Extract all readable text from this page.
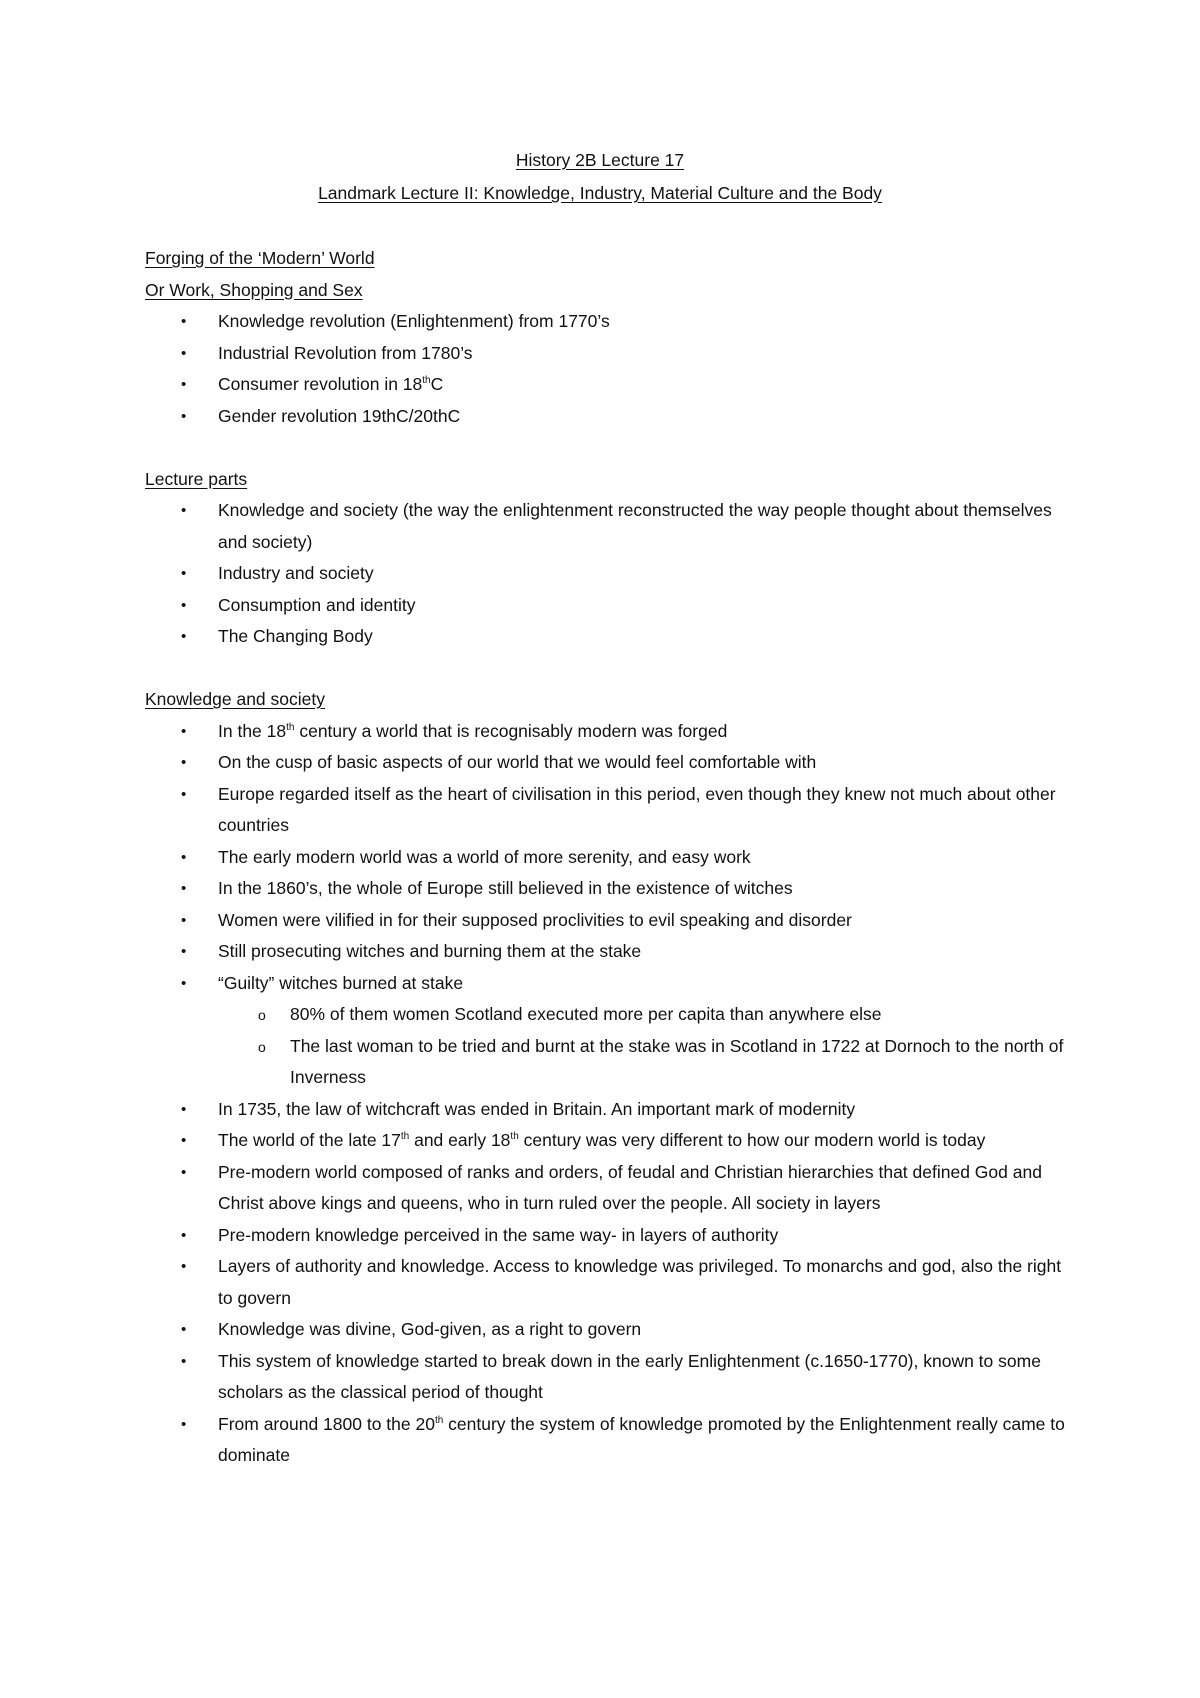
History 2B Lecture 17
Landmark Lecture II: Knowledge, Industry, Material Culture and the Body
Forging of the ‘Modern’ World
Or Work, Shopping and Sex
• Knowledge revolution (Enlightenment) from 1770’s
• Industrial Revolution from 1780’s
• Consumer revolution in 18thC
• Gender revolution 19thC/20thC
Lecture parts
• Knowledge and society (the way the enlightenment reconstructed the way people thought about themselves and society)
• Industry and society
• Consumption and identity
• The Changing Body
Knowledge and society
• In the 18th century a world that is recognisably modern was forged
• On the cusp of basic aspects of our world that we would feel comfortable with
• Europe regarded itself as the heart of civilisation in this period, even though they knew not much about other countries
• The early modern world was a world of more serenity, and easy work
• In the 1860’s, the whole of Europe still believed in the existence of witches
• Women were vilified in for their supposed proclivities to evil speaking and disorder
• Still prosecuting witches and burning them at the stake
• “Guilty” witches burned at stake
o 80% of them women Scotland executed more per capita than anywhere else
o The last woman to be tried and burnt at the stake was in Scotland in 1722 at Dornoch to the north of Inverness
• In 1735, the law of witchcraft was ended in Britain. An important mark of modernity
• The world of the late 17th and early 18th century was very different to how our modern world is today
• Pre-modern world composed of ranks and orders, of feudal and Christian hierarchies that defined God and Christ above kings and queens, who in turn ruled over the people. All society in layers
• Pre-modern knowledge perceived in the same way- in layers of authority
• Layers of authority and knowledge. Access to knowledge was privileged. To monarchs and god, also the right to govern
• Knowledge was divine, God-given, as a right to govern
• This system of knowledge started to break down in the early Enlightenment (c.1650-1770), known to some scholars as the classical period of thought
• From around 1800 to the 20th century the system of knowledge promoted by the Enlightenment really came to dominate
